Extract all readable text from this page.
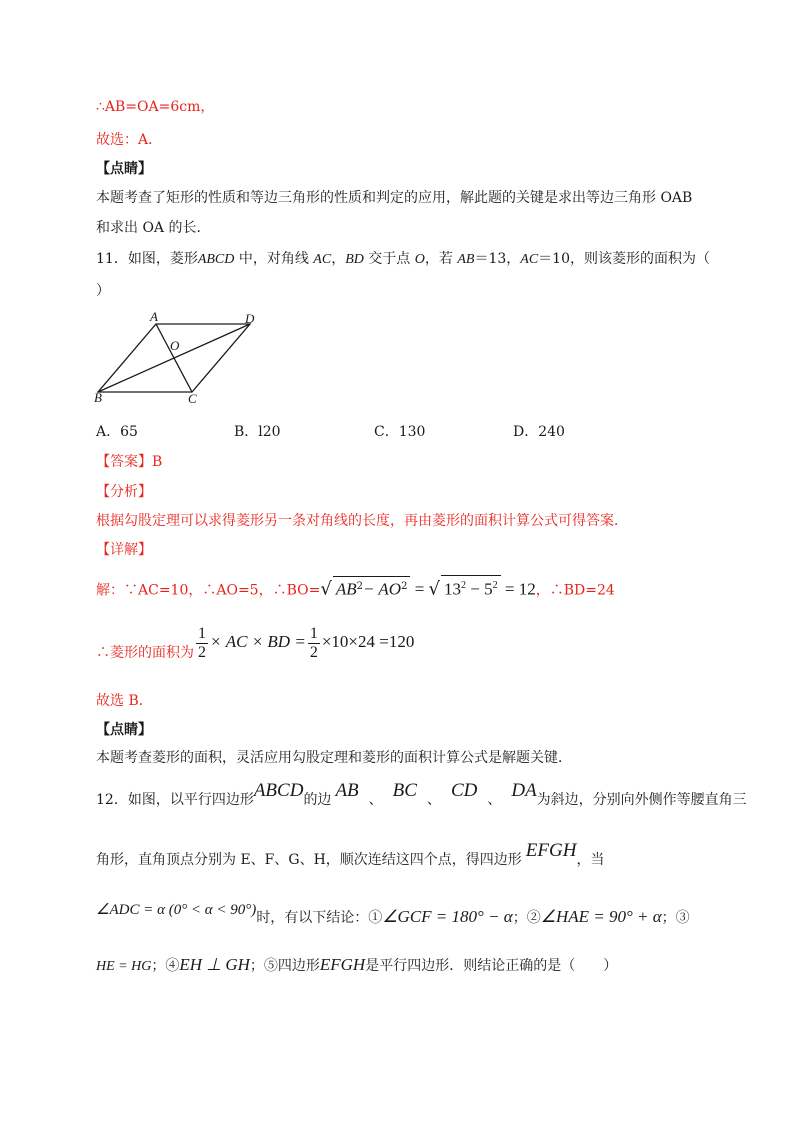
∴AB=OA=6cm，
故选：A．
【点睛】
本题考查了矩形的性质和等边三角形的性质和判定的应用，解此题的关键是求出等边三角形 OAB
和求出 OA 的长．
11．如图，菱形ABCD 中，对角线 AC，BD 交于点 O，若 AB＝13，AC＝10，则该菱形的面积为（
）
A	D
O
B	C
A．65	B．l20	C．130	D．240
【答案】B
【分析】
根据勾股定理可以求得菱形另一条对角线的长度，再由菱形的面积计算公式可得答案．
【详解】
解：∵AC=10，∴AO=5，∴BO=√ $AB^2- AO^2$ = √ $13^2 - 5^2 = 12$，∴BD=24
∴菱形的面积为 $\frac{1}{2}$ × AC × BD = $\frac{1}{2} \times 10\times 24 =120$
故选 B．
【点睛】
本题考查菱形的面积，灵活应用勾股定理和菱形的面积计算公式是解题关键．
12．如图，以平行四边形ABCD的边 AB 、 BC 、 CD 、 DA为斜边，分别向外侧作等腰直角三
角形，直角顶点分别为 E、F、G、H，顺次连结这四个点，得四边形 EFGH，当
∠ADC = α (0° < α < 90°)时，有以下结论：①∠GCF = 180° − α；②∠HAE = 90° + α；③
HE = HG；④EH ⊥ GH；⑤四边形EFGH是平行四边形．则结论正确的是（　　）
